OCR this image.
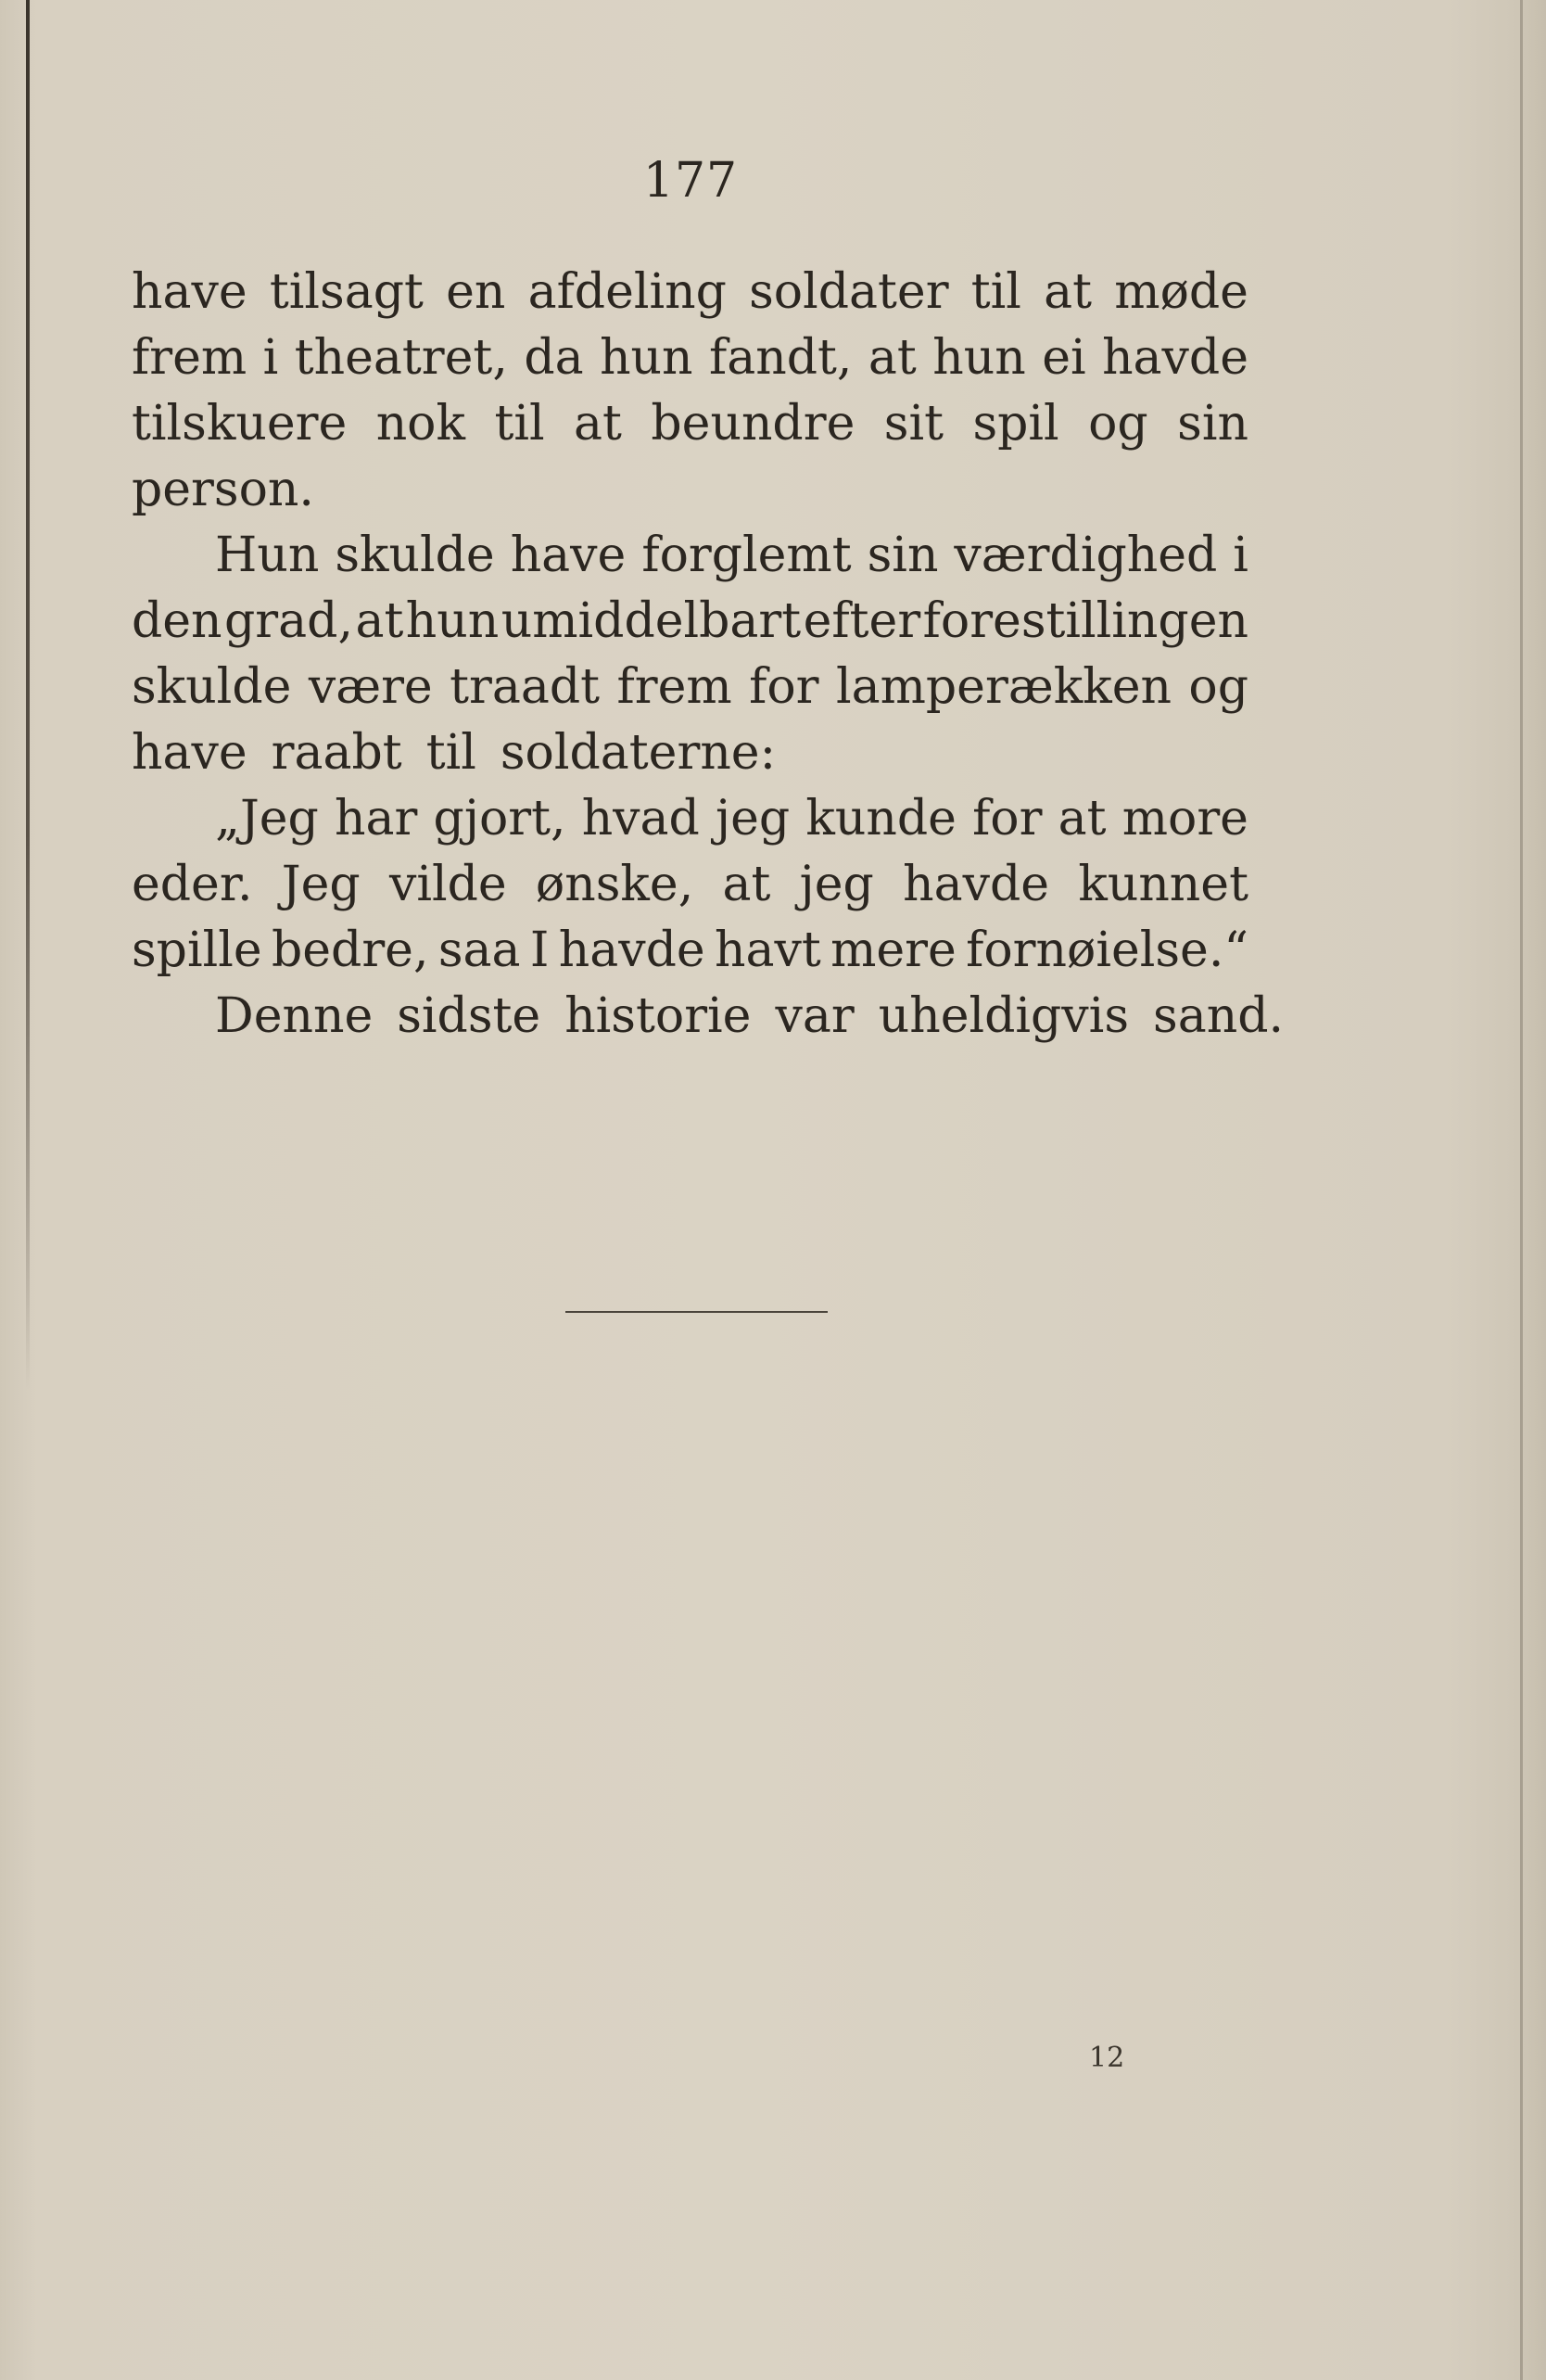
177
have tilsagt en afdeling soldater til at møde
frem i theatret, da hun fandt, at hun ei havde
tilskuere nok til at beundre sit spil og sin
person.
Hun skulde have forglemt sin værdighed i
den grad, at hun umiddelbart efter forestillingen
skulde være traadt frem for lamperækken og
have raabt til soldaterne:
„Jeg har gjort, hvad jeg kunde for at more
eder. Jeg vilde ønske, at jeg havde kunnet
spille bedre, saa I havde havt mere fornøielse.“
Denne sidste historie var uheldigvis sand.
12
